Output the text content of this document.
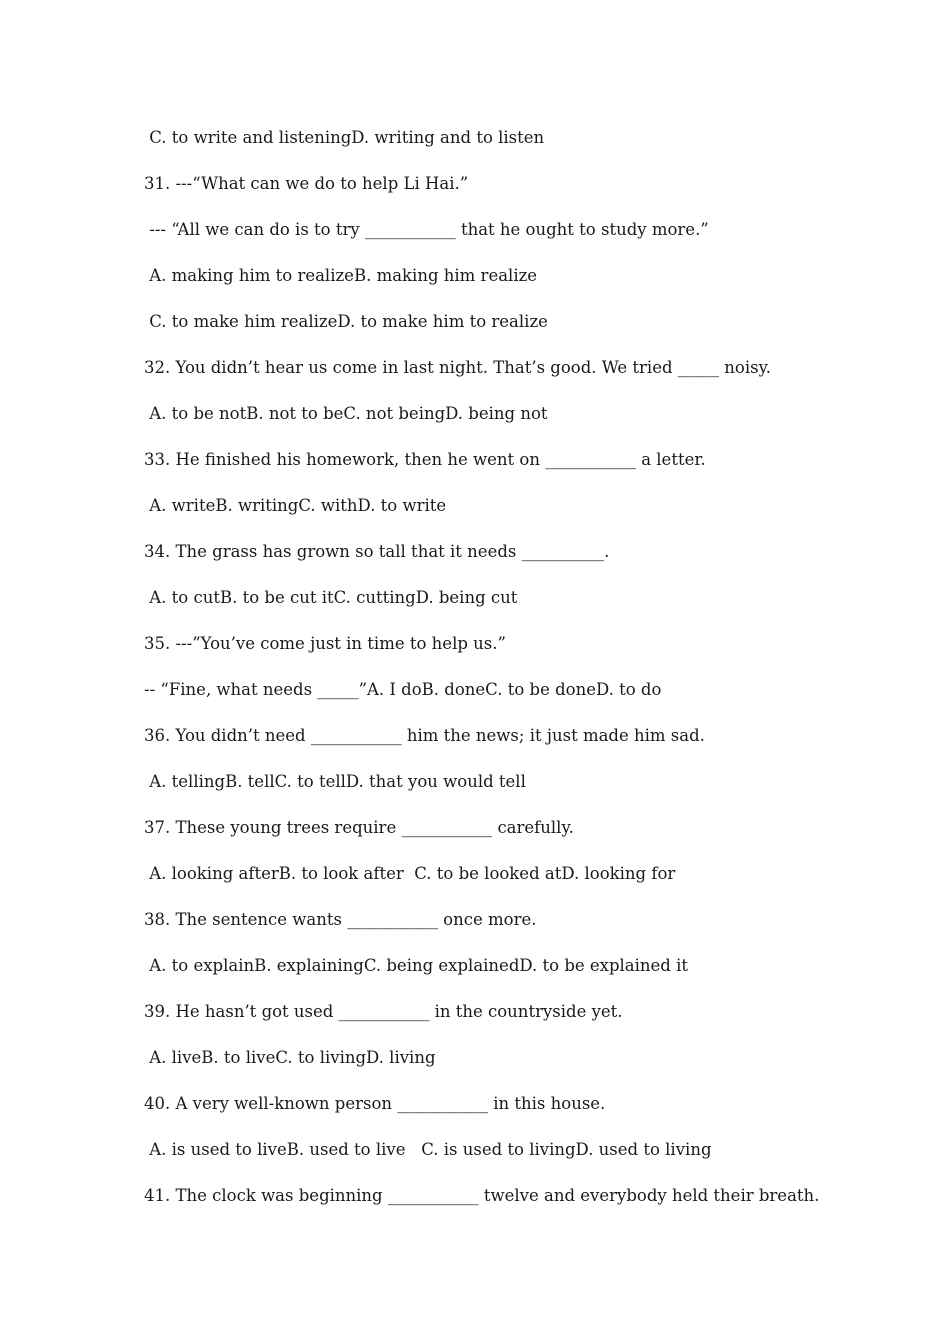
C. to write and listeningD. writing and to listen
31. ---“What can we do to help Li Hai.”
--- “All we can do is to try ___________ that he ought to study more.”
A. making him to realizeB. making him realize
C. to make him realizeD. to make him to realize
32. You didn’t hear us come in last night. That’s good. We tried _____ noisy.
A. to be notB. not to beC. not beingD. being not
33. He finished his homework, then he went on ___________ a letter.
A. writeB. writingC. withD. to write
34. The grass has grown so tall that it needs __________.
A. to cutB. to be cut itC. cuttingD. being cut
35. ---”You’ve come just in time to help us.”
-- “Fine, what needs _____”A. I doB. doneC. to be doneD. to do
36. You didn’t need ___________ him the news; it just made him sad.
A. tellingB. tellC. to tellD. that you would tell
37. These young trees require ___________ carefully.
A. looking afterB. to look after  C. to be looked atD. looking for
38. The sentence wants ___________ once more.
A. to explainB. explainingC. being explainedD. to be explained it
39. He hasn’t got used ___________ in the countryside yet.
A. liveB. to liveC. to livingD. living
40. A very well-known person ___________ in this house.
A. is used to liveB. used to live   C. is used to livingD. used to living
41. The clock was beginning ___________ twelve and everybody held their breath.
